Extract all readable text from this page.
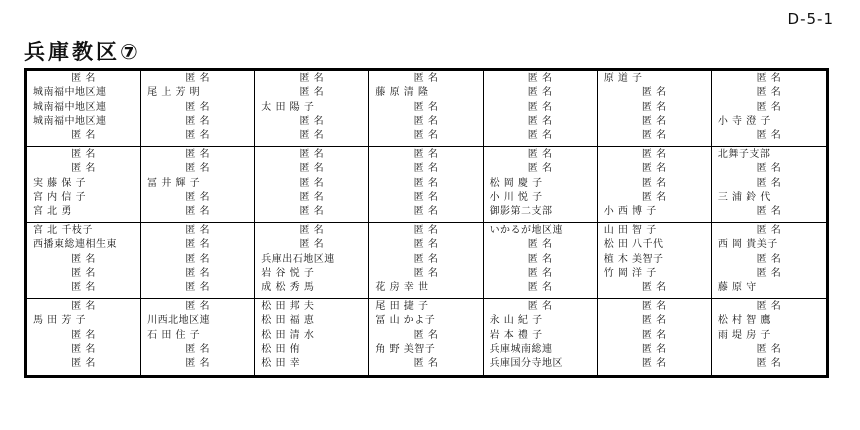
D-5-1
兵庫教区⑦
匿 名
城南福中地区連
城南福中地区連
城南福中地区連
匿 名
匿 名
尾 上 芳 明
匿 名
匿 名
匿 名
匿 名
匿 名
太 田 陽 子
匿 名
匿 名
匿 名
藤 原 清 隆
匿 名
匿 名
匿 名
匿 名
匿 名
匿 名
匿 名
匿 名
原 道 子
匿 名
匿 名
匿 名
匿 名
匿 名
匿 名
匿 名
小 寺 澄 子
匿 名
匿 名
匿 名
実 藤 保 子
宮 内 信 子
宮 北 勇
匿 名
匿 名
冨 井 輝 子
匿 名
匿 名
匿 名
匿 名
匿 名
匿 名
匿 名
匿 名
匿 名
匿 名
匿 名
匿 名
匿 名
匿 名
松 岡 慶 子
小 川 悦 子
御影第二支部
匿 名
匿 名
匿 名
匿 名
小 西 博 子
北舞子支部
匿 名
匿 名
三 浦 鈴 代
匿 名
宮 北 千枝子
西播東総連相生東
匿 名
匿 名
匿 名
匿 名
匿 名
匿 名
匿 名
匿 名
匿 名
匿 名
兵庫出石地区連
岩 谷 悦 子
成 松 秀 馬
匿 名
匿 名
匿 名
匿 名
花 房 幸 世
いかるが地区連
匿 名
匿 名
匿 名
匿 名
山 田 智 子
松 田 八千代
植 木 美智子
竹 岡 洋 子
匿 名
匿 名
西 岡 貴美子
匿 名
匿 名
藤 原 守
匿 名
馬 田 芳 子
匿 名
匿 名
匿 名
匿 名
川西北地区連
石 田 住 子
匿 名
匿 名
松 田 邦 夫
松 田 福 恵
松 田 清 水
松 田 侑
松 田 幸
尾 田 捷 子
冨 山 かよ子
匿 名
角 野 美智子
匿 名
匿 名
永 山 紀 子
岩 本 禮 子
兵庫城南総連
兵庫国分寺地区
匿 名
匿 名
匿 名
匿 名
匿 名
匿 名
松 村 智 鷹
雨 堤 房 子
匿 名
匿 名
